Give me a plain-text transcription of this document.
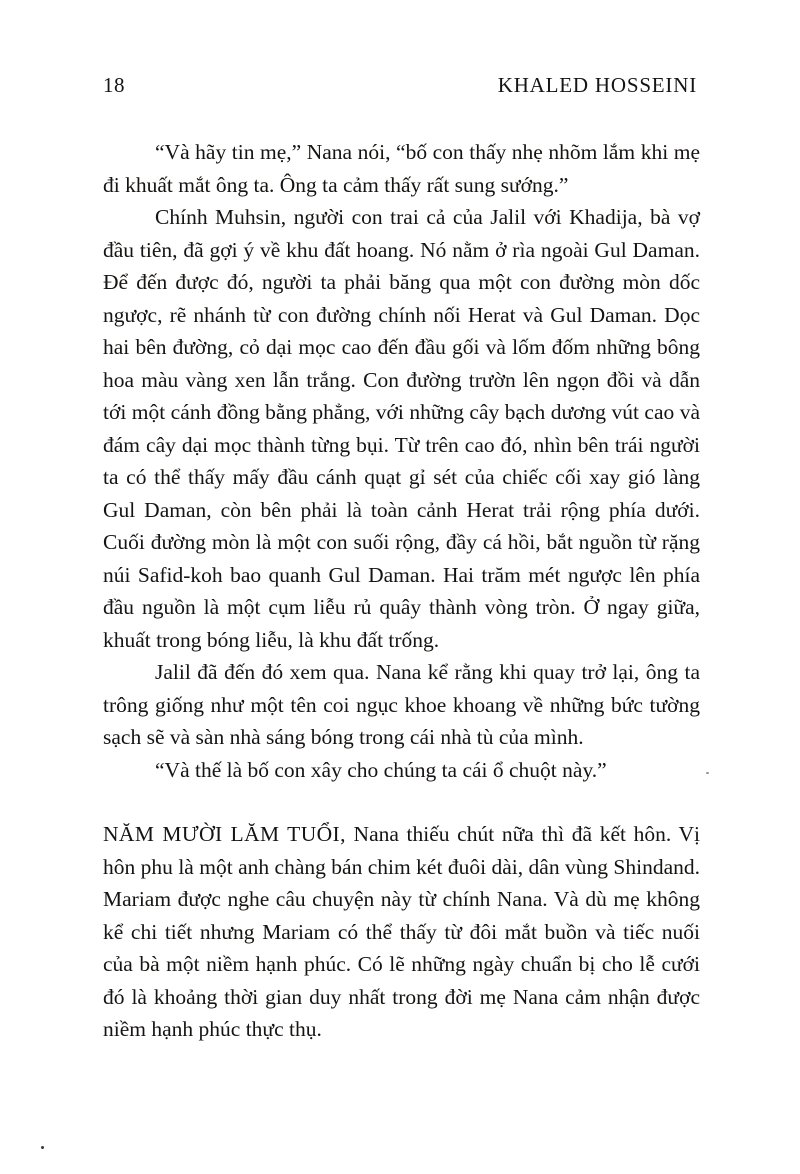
18	KHALED HOSSEINI

“Và hãy tin mẹ,” Nana nói, “bố con thấy nhẹ nhõm lắm khi mẹ đi khuất mắt ông ta. Ông ta cảm thấy rất sung sướng.”

Chính Muhsin, người con trai cả của Jalil với Khadija, bà vợ đầu tiên, đã gợi ý về khu đất hoang. Nó nằm ở rìa ngoài Gul Daman. Để đến được đó, người ta phải băng qua một con đường mòn dốc ngược, rẽ nhánh từ con đường chính nối Herat và Gul Daman. Dọc hai bên đường, cỏ dại mọc cao đến đầu gối và lốm đốm những bông hoa màu vàng xen lẫn trắng. Con đường trườn lên ngọn đồi và dẫn tới một cánh đồng bằng phẳng, với những cây bạch dương vút cao và đám cây dại mọc thành từng bụi. Từ trên cao đó, nhìn bên trái người ta có thể thấy mấy đầu cánh quạt gỉ sét của chiếc cối xay gió làng Gul Daman, còn bên phải là toàn cảnh Herat trải rộng phía dưới. Cuối đường mòn là một con suối rộng, đầy cá hồi, bắt nguồn từ rặng núi Safid-koh bao quanh Gul Daman. Hai trăm mét ngược lên phía đầu nguồn là một cụm liễu rủ quây thành vòng tròn. Ở ngay giữa, khuất trong bóng liễu, là khu đất trống.

Jalil đã đến đó xem qua. Nana kể rằng khi quay trở lại, ông ta trông giống như một tên coi ngục khoe khoang về những bức tường sạch sẽ và sàn nhà sáng bóng trong cái nhà tù của mình.

“Và thế là bố con xây cho chúng ta cái ổ chuột này.”

NĂM MƯỜI LĂM TUỔI, Nana thiếu chút nữa thì đã kết hôn. Vị hôn phu là một anh chàng bán chim két đuôi dài, dân vùng Shindand. Mariam được nghe câu chuyện này từ chính Nana. Và dù mẹ không kể chi tiết nhưng Mariam có thể thấy từ đôi mắt buồn và tiếc nuối của bà một niềm hạnh phúc. Có lẽ những ngày chuẩn bị cho lễ cưới đó là khoảng thời gian duy nhất trong đời mẹ Nana cảm nhận được niềm hạnh phúc thực thụ.
